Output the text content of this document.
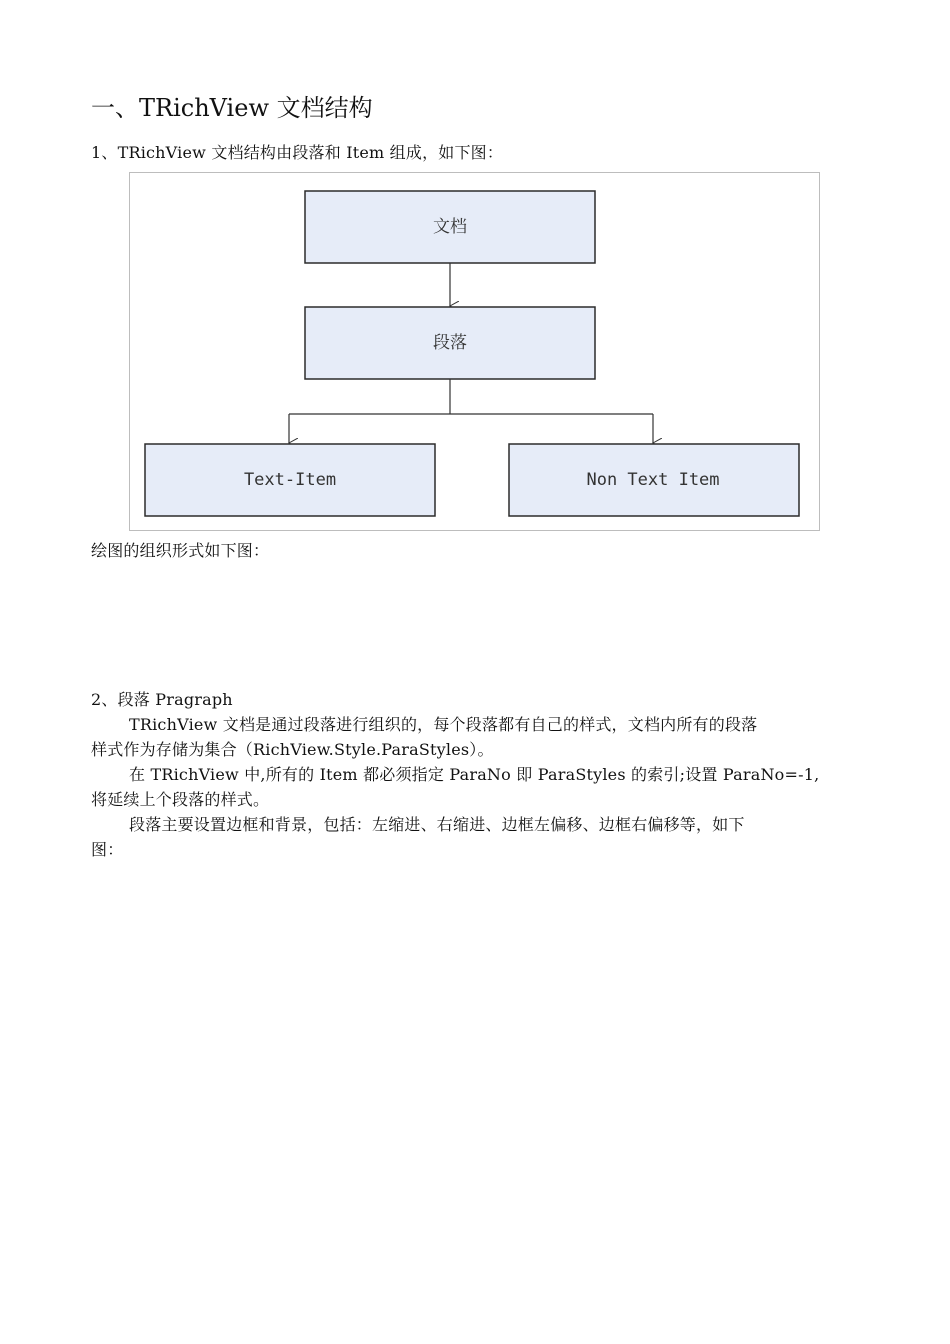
一、TRichView 文档结构
1、TRichView 文档结构由段落和 Item 组成，如下图：
文档
段落
Text-Item	Non Text Item
绘图的组织形式如下图：
2、段落 Pragraph
TRichView 文档是通过段落进行组织的，每个段落都有自己的样式，文档内所有的段落
样式作为存储为集合（RichView.Style.ParaStyles）。
在 TRichView 中,所有的 Item 都必须指定 ParaNo 即 ParaStyles 的索引;设置 ParaNo=-1,
将延续上个段落的样式。
段落主要设置边框和背景，包括：左缩进、右缩进、边框左偏移、边框右偏移等，如下
图：
